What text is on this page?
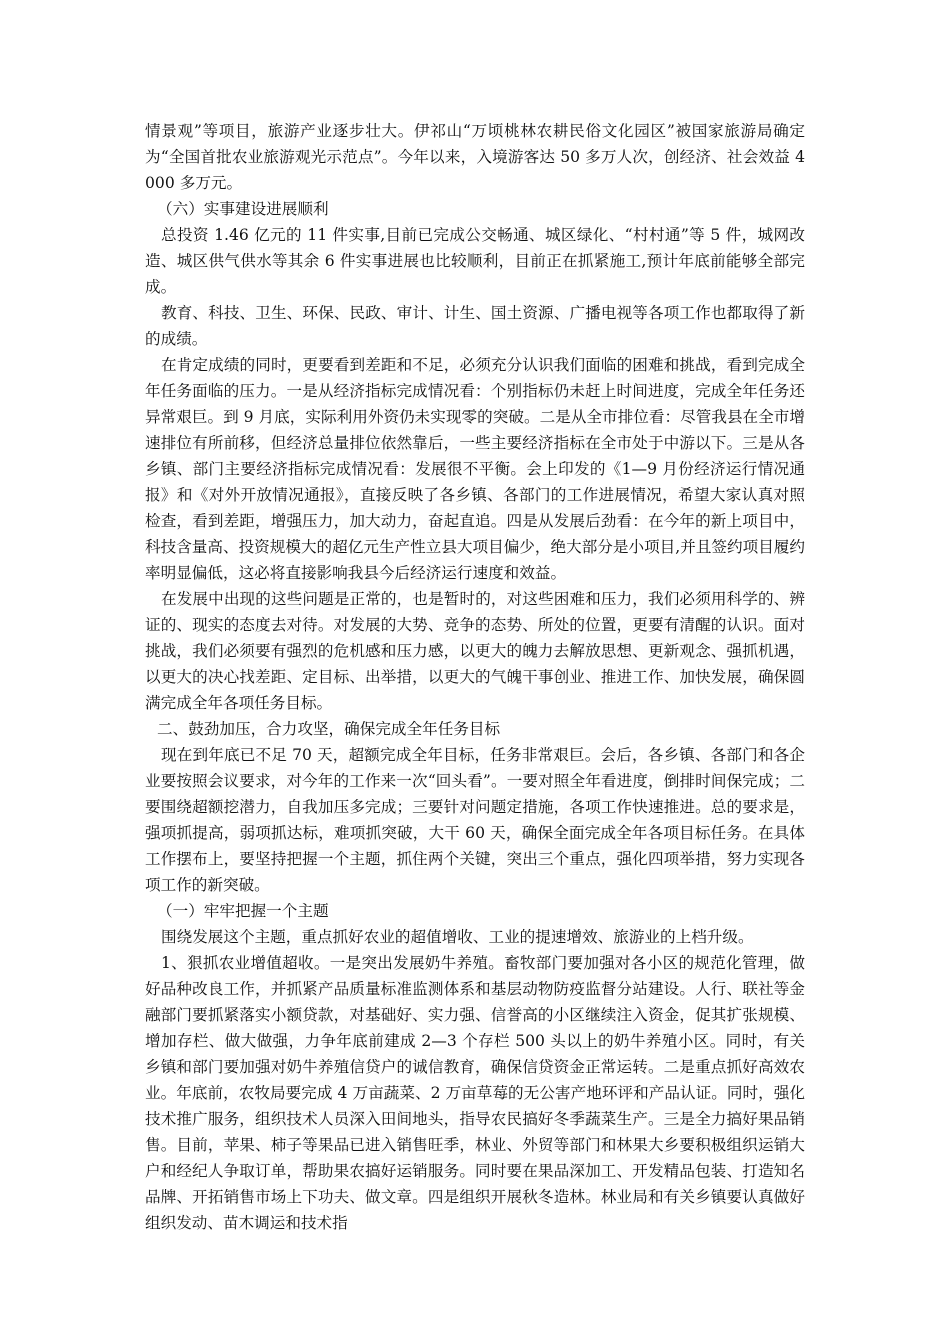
情景观”等项目，旅游产业逐步壮大。伊祁山“万顷桃林农耕民俗文化园区”被国家旅游局确定为“全国首批农业旅游观光示范点”。今年以来，入境游客达 50 多万人次，创经济、社会效益 4000 多万元。

（六）实事建设进展顺利

总投资 1.46 亿元的 11 件实事,目前已完成公交畅通、城区绿化、“村村通”等 5 件，城网改造、城区供气供水等其余 6 件实事进展也比较顺利，目前正在抓紧施工,预计年底前能够全部完成。

教育、科技、卫生、环保、民政、审计、计生、国土资源、广播电视等各项工作也都取得了新的成绩。

在肯定成绩的同时，更要看到差距和不足，必须充分认识我们面临的困难和挑战，看到完成全年任务面临的压力。一是从经济指标完成情况看：个别指标仍未赶上时间进度，完成全年任务还异常艰巨。到 9 月底，实际利用外资仍未实现零的突破。二是从全市排位看：尽管我县在全市增速排位有所前移，但经济总量排位依然靠后，一些主要经济指标在全市处于中游以下。三是从各乡镇、部门主要经济指标完成情况看：发展很不平衡。会上印发的《1—9 月份经济运行情况通报》和《对外开放情况通报》，直接反映了各乡镇、各部门的工作进展情况，希望大家认真对照检查，看到差距，增强压力，加大动力，奋起直追。四是从发展后劲看：在今年的新上项目中，科技含量高、投资规模大的超亿元生产性立县大项目偏少，绝大部分是小项目,并且签约项目履约率明显偏低，这必将直接影响我县今后经济运行速度和效益。

在发展中出现的这些问题是正常的，也是暂时的，对这些困难和压力，我们必须用科学的、辨证的、现实的态度去对待。对发展的大势、竞争的态势、所处的位置，更要有清醒的认识。面对挑战，我们必须要有强烈的危机感和压力感，以更大的魄力去解放思想、更新观念、强抓机遇，以更大的决心找差距、定目标、出举措，以更大的气魄干事创业、推进工作、加快发展，确保圆满完成全年各项任务目标。

二、鼓劲加压，合力攻坚，确保完成全年任务目标

现在到年底已不足 70 天，超额完成全年目标，任务非常艰巨。会后，各乡镇、各部门和各企业要按照会议要求，对今年的工作来一次“回头看”。一要对照全年看进度，倒排时间保完成；二要围绕超额挖潜力，自我加压多完成；三要针对问题定措施，各项工作快速推进。总的要求是，强项抓提高，弱项抓达标，难项抓突破，大干 60 天，确保全面完成全年各项目标任务。在具体工作摆布上，要坚持把握一个主题，抓住两个关键，突出三个重点，强化四项举措，努力实现各项工作的新突破。

（一）牢牢把握一个主题

围绕发展这个主题，重点抓好农业的超值增收、工业的提速增效、旅游业的上档升级。

1、狠抓农业增值超收。一是突出发展奶牛养殖。畜牧部门要加强对各小区的规范化管理，做好品种改良工作，并抓紧产品质量标准监测体系和基层动物防疫监督分站建设。人行、联社等金融部门要抓紧落实小额贷款，对基础好、实力强、信誉高的小区继续注入资金，促其扩张规模、增加存栏、做大做强，力争年底前建成 2—3 个存栏 500 头以上的奶牛养殖小区。同时，有关乡镇和部门要加强对奶牛养殖信贷户的诚信教育，确保信贷资金正常运转。二是重点抓好高效农业。年底前，农牧局要完成 4 万亩蔬菜、2 万亩草莓的无公害产地环评和产品认证。同时，强化技术推广服务，组织技术人员深入田间地头，指导农民搞好冬季蔬菜生产。三是全力搞好果品销售。目前，苹果、柿子等果品已进入销售旺季，林业、外贸等部门和林果大乡要积极组织运销大户和经纪人争取订单，帮助果农搞好运销服务。同时要在果品深加工、开发精品包装、打造知名品牌、开拓销售市场上下功夫、做文章。四是组织开展秋冬造林。林业局和有关乡镇要认真做好组织发动、苗木调运和技术指
